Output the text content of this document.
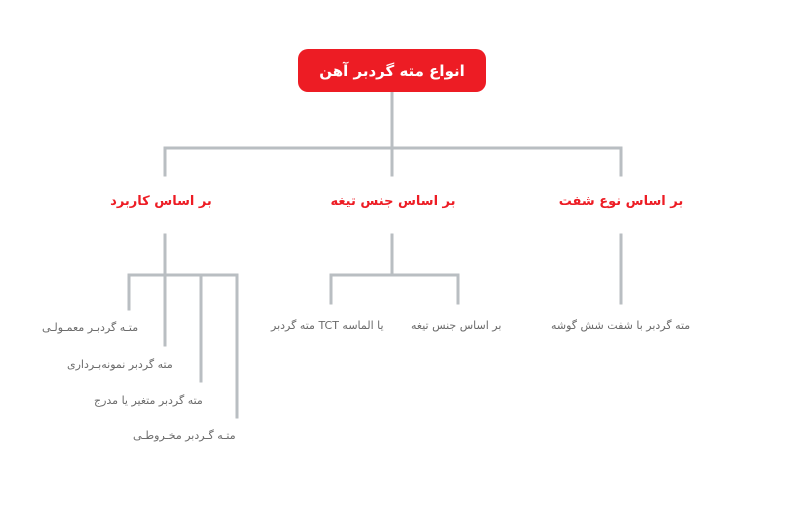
انواع مته گردبر آهن
بر اساس نوع شفت
بر اساس جنس تیغه
بر اساس کاربرد
مته گردبر با شفت شش گوشه
بر اساس جنس تیغه
یا الماسه TCT مته گردبر
متـه گردبـر معمـولـی
مته گردبر نمونه‌بـرداری
مته گردبر متغیر یا مدرج
متـه گـردبر مخـروطـی
